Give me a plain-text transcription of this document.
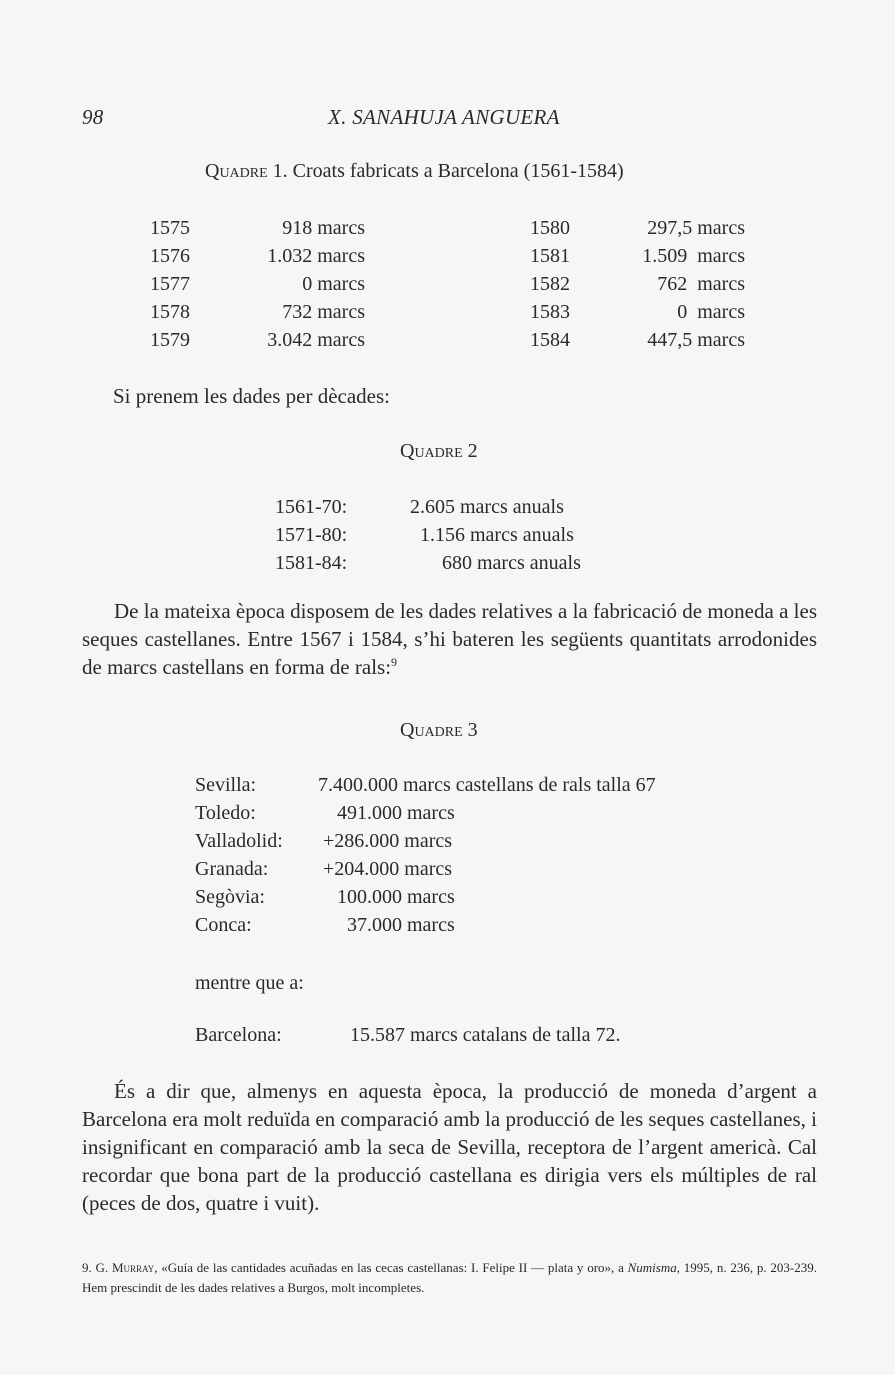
98	X. SANAHUJA ANGUERA
Quadre 1. Croats fabricats a Barcelona (1561-1584)
1575	918 marcs	1580	297,5 marcs
1576	1.032 marcs	1581	1.509  marcs
1577	0 marcs	1582	762  marcs
1578	732 marcs	1583	0  marcs
1579	3.042 marcs	1584	447,5 marcs
Si prenem les dades per dècades:
Quadre 2
1561-70:	2.605 marcs anuals
1571-80:	1.156 marcs anuals
1581-84:	680 marcs anuals
De la mateixa època disposem de les dades relatives a la fabricació de moneda a les seques castellanes. Entre 1567 i 1584, s’hi bateren les següents quantitats arrodonides de marcs castellans en forma de rals:$^9$
Quadre 3
Sevilla:	7.400.000 marcs castellans de rals talla 67
Toledo:	491.000 marcs
Valladolid: +286.000 marcs
Granada:	+204.000 marcs
Segòvia:	100.000 marcs
Conca:	37.000 marcs
mentre que a:
Barcelona:	15.587 marcs catalans de talla 72.
És a dir que, almenys en aquesta època, la producció de moneda d’argent a Barcelona era molt reduïda en comparació amb la producció de les seques castellanes, i insignificant en comparació amb la seca de Sevilla, receptora de l’argent americà. Cal recordar que bona part de la producció castellana es dirigia vers els múltiples de ral (peces de dos, quatre i vuit).
9. G. Murray, «Guía de las cantidades acuñadas en las cecas castellanas: I. Felipe II — plata y oro», a Numisma, 1995, n. 236, p. 203-239. Hem prescindit de les dades relatives a Burgos, molt incompletes.
